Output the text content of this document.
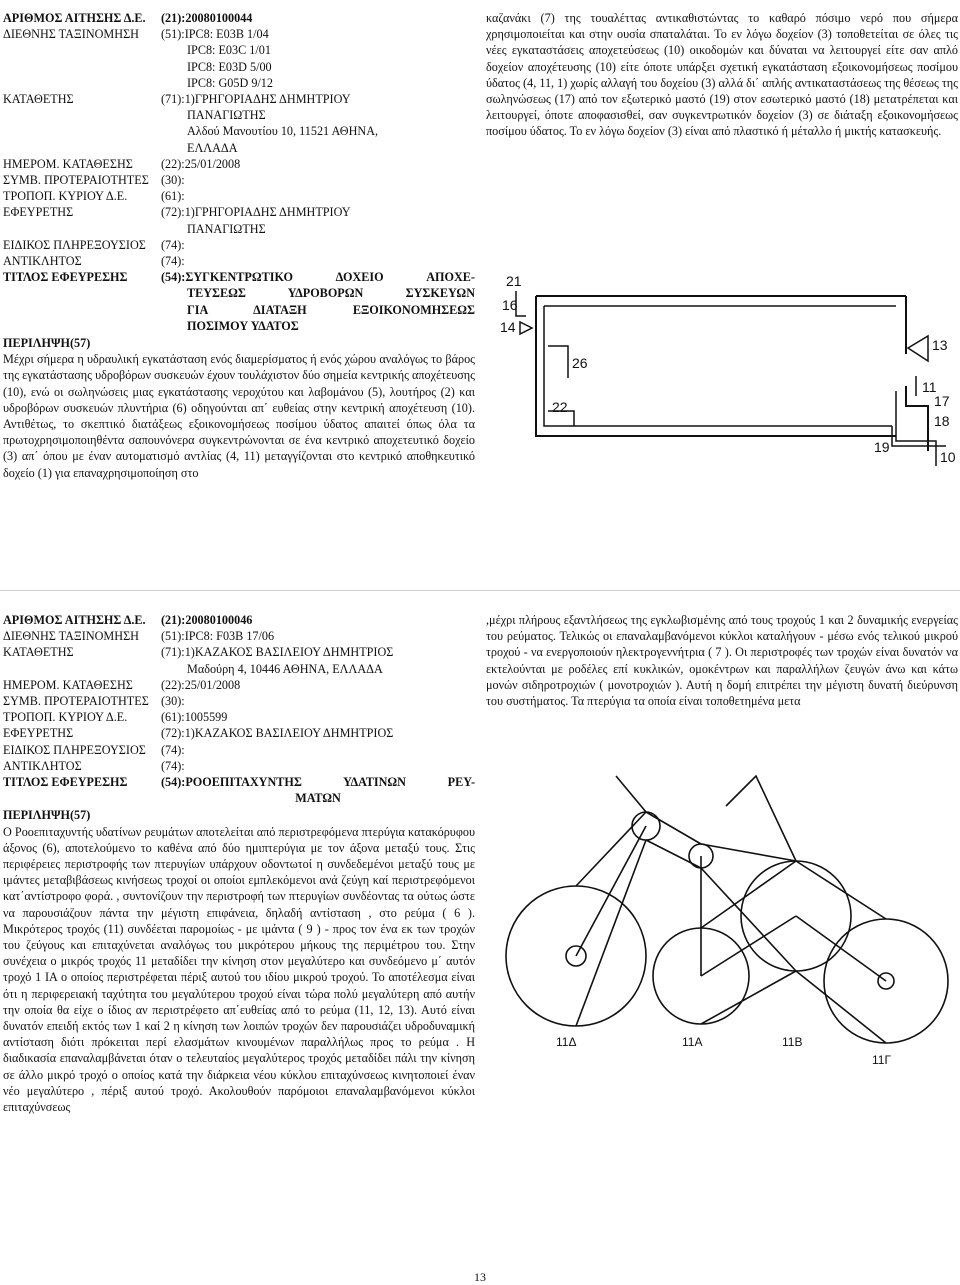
ΑΡΙΘΜΟΣ ΑΙΤΗΣΗΣ Δ.Ε.	(21):20080100044
ΔΙΕΘΝΗΣ ΤΑΞΙΝΟΜΗΣΗ	(51):IPC8: E03B 1/04
IPC8: E03C 1/01
IPC8: E03D 5/00
IPC8: G05D 9/12
ΚΑΤΑΘΕΤΗΣ	(71):1)ΓΡΗΓΟΡΙΑΔΗΣ ΔΗΜΗΤΡΙΟΥ
ΠΑΝΑΓΙΩΤΗΣ
Αλδού Μανουτίου 10, 11521 ΑΘΗΝΑ,
ΕΛΛΑΔΑ
ΗΜΕΡΟΜ. ΚΑΤΑΘΕΣΗΣ	(22):25/01/2008
ΣΥΜΒ. ΠΡΟΤΕΡΑΙΟΤΗΤΕΣ	(30):
ΤΡΟΠΟΠ. ΚΥΡΙΟΥ Δ.Ε.	(61):
ΕΦΕΥΡΕΤΗΣ	(72):1)ΓΡΗΓΟΡΙΑΔΗΣ ΔΗΜΗΤΡΙΟΥ
ΠΑΝΑΓΙΩΤΗΣ
ΕΙΔΙΚΟΣ ΠΛΗΡΕΞΟΥΣΙΟΣ	(74):
ΑΝΤΙΚΛΗΤΟΣ	(74):
ΤΙΤΛΟΣ ΕΦΕΥΡΕΣΗΣ	(54):ΣΥΓΚΕΝΤΡΩΤΙΚΟ ΔΟΧΕΙΟ ΑΠΟΧΕ-
ΤΕΥΣΕΩΣ ΥΔΡΟΒΟΡΩΝ ΣΥΣΚΕΥΩΝ
ΓΙΑ ΔΙΑΤΑΞΗ ΕΞΟΙΚΟΝΟΜΗΣΕΩΣ
ΠΟΣΙΜΟΥ ΥΔΑΤΟΣ
ΠΕΡΙΛΗΨΗ(57)
Μέχρι σήμερα η υδραυλική εγκατάσταση ενός διαμερίσματος ή ενός χώρου αναλόγως το βάρος της εγκατάστασης υδροβόρων συσκευών έχουν τουλάχιστον δύο σημεία κεντρικής αποχέτευσης (10), ενώ οι σωληνώσεις μιας εγκατάστασης νεροχύτου και λαβομάνου (5), λουτήρος (2) και υδροβόρων συσκευών πλυντήρια (6) οδηγούνται απ΄ ευθείας στην κεντρική αποχέτευση (10). Αντιθέτως, το σκεπτικό διατάξεως εξοικονομήσεως ποσίμου ύδατος απαιτεί όπως όλα τα πρωτοχρησιμοποιηθέντα σαπουνόνερα συγκεντρώνονται σε ένα κεντρικό αποχετευτικό δοχείο (3) απ΄ όπου με έναν αυτοματισμό αντλίας (4, 11) μεταγγίζονται στο κεντρικό αποθηκευτικό δοχείο (1) για επαναχρησιμοποίηση στο
καζανάκι (7) της τουαλέττας αντικαθιστώντας το καθαρό πόσιμο νερό που σήμερα χρησιμοποιείται και στην ουσία σπαταλάται. Το εν λόγω δοχείον (3) τοποθετείται σε όλες τις νέες εγκαταστάσεις αποχετεύσεως (10) οικοδομών και δύναται να λειτουργεί είτε σαν απλό δοχείον αποχέτευσης (10) είτε όποτε υπάρξει σχετική εγκατάσταση εξοικονομήσεως ποσίμου ύδατος (4, 11, 1) χωρίς αλλαγή του δοχείου (3) αλλά δι΄ απλής αντικαταστάσεως της θέσεως της σωληνώσεως (17) από τον εξωτερικό μαστό (19) στον εσωτερικό μαστό (18) μετατρέπεται και λειτουργεί, όποτε αποφασισθεί, σαν συγκεντρωτικόν δοχείον (3) σε διάταξη εξοικονομήσεως ποσίμου ύδατος. Το εν λόγω δοχείον (3) είναι από πλαστικό ή μέταλλο ή μικτής κατασκευής.
21
16
14
26
13
11
22	17
18
10
19
ΑΡΙΘΜΟΣ ΑΙΤΗΣΗΣ Δ.Ε.	(21):20080100046
ΔΙΕΘΝΗΣ ΤΑΞΙΝΟΜΗΣΗ	(51):IPC8: F03B 17/06
ΚΑΤΑΘΕΤΗΣ	(71):1)ΚΑΖΑΚΟΣ ΒΑΣΙΛΕΙΟΥ ΔΗΜΗΤΡΙΟΣ
Μαδούρη 4, 10446 ΑΘΗΝΑ, ΕΛΛΑΔΑ
ΗΜΕΡΟΜ. ΚΑΤΑΘΕΣΗΣ	(22):25/01/2008
ΣΥΜΒ. ΠΡΟΤΕΡΑΙΟΤΗΤΕΣ	(30):
ΤΡΟΠΟΠ. ΚΥΡΙΟΥ Δ.Ε.	(61):1005599
ΕΦΕΥΡΕΤΗΣ	(72):1)ΚΑΖΑΚΟΣ ΒΑΣΙΛΕΙΟΥ ΔΗΜΗΤΡΙΟΣ
ΕΙΔΙΚΟΣ ΠΛΗΡΕΞΟΥΣΙΟΣ	(74):
ΑΝΤΙΚΛΗΤΟΣ	(74):
ΤΙΤΛΟΣ ΕΦΕΥΡΕΣΗΣ	(54):ΡΟΟΕΠΙΤΑΧΥΝΤΗΣ ΥΔΑΤΙΝΩΝ ΡΕΥ-
ΜΑΤΩΝ
ΠΕΡΙΛΗΨΗ(57)
Ο Ροοεπιταχυντής υδατίνων ρευμάτων αποτελείται από περιστρεφόμενα πτερύγια κατακόρυφου άξονος (6), αποτελούμενο το καθένα από δύο ημιπτερύγια με τον άξονα μεταξύ τους. Στις περιφέρειες περιστροφής των πτερυγίων υπάρχουν οδοντωτοί η συνδεδεμένοι μεταξύ τους με ιμάντες μεταβιβάσεως κινήσεως τροχοί οι οποίοι εμπλεκόμενοι ανά ζεύγη καί περιστρεφόμενοι κατ΄αντίστροφο φορά. , συντονίζουν την περιστροφή των πτερυγίων συνδέοντας τα ούτως ώστε να παρουσιάζουν πάντα την μέγιστη επιφάνεια, δηλαδή αντίσταση , στο ρεύμα ( 6 ). Μικρότερος τροχός (11) συνδέεται παρομοίως - με ιμάντα ( 9 ) - προς τον ένα εκ των τροχών του ζεύγους και επιταχύνεται αναλόγως του μικρότερου μήκους της περιμέτρου του. Στην συνέχεια ο μικρός τροχός 11 μεταδίδει την κίνηση στον μεγαλύτερο και συνδεόμενο μ΄ αυτόν τροχό 1 ΙΑ ο οποίος περιστρέφεται πέριξ αυτού του ιδίου μικρού τροχού. Το αποτέλεσμα είναι ότι η περιφερειακή ταχύτητα του μεγαλύτερου τροχού είναι τώρα πολύ μεγαλύτερη από αυτήν την οποία θα είχε ο ίδιος αν περιστρέφετο απ΄ευθείας από το ρεύμα (11, 12, 13). Αυτό είναι δυνατόν επειδή εκτός των 1 καί 2 η κίνηση των λοιπών τροχών δεν παρουσιάζει υδροδυναμική αντίσταση διότι πρόκειται περί ελασμάτων κινουμένων παραλλήλως προς το ρεύμα . Η διαδικασία επαναλαμβάνεται όταν ο τελευταίος μεγαλύτερος τροχός μεταδίδει πάλι την κίνηση σε άλλο μικρό τροχό ο οποίος κατά την διάρκεια νέου κύκλου επιταχύνσεως κινητοποιεί έναν νέο μεγαλύτερο , πέριξ αυτού τροχό. Ακολουθούν παρόμοιοι επαναλαμβανόμενοι κύκλοι επιταχύνσεως
,μέχρι πλήρους εξαντλήσεως της εγκλωβισμένης από τους τροχούς 1 και 2 δυναμικής ενεργείας του ρεύματος. Τελικώς οι επαναλαμβανόμενοι κύκλοι καταλήγουν - μέσω ενός τελικού μικρού τροχού - να ενεργοποιούν ηλεκτρογεννήτρια ( 7 ). Οι περιστροφές των τροχών είναι δυνατόν να εκτελούνται με ροδέλες επί κυκλικών, ομοκέντρων και παραλλήλων ζευγών άνω και κάτω μονών σιδηροτροχιών ( μονοτροχιών ). Αυτή η δομή επιτρέπει την μέγιστη δυνατή διεύρυνση του συστήματος. Τα πτερύγια τα οποία είναι τοποθετημένα μετα
11Δ	11Α	11Β
11Γ
13
